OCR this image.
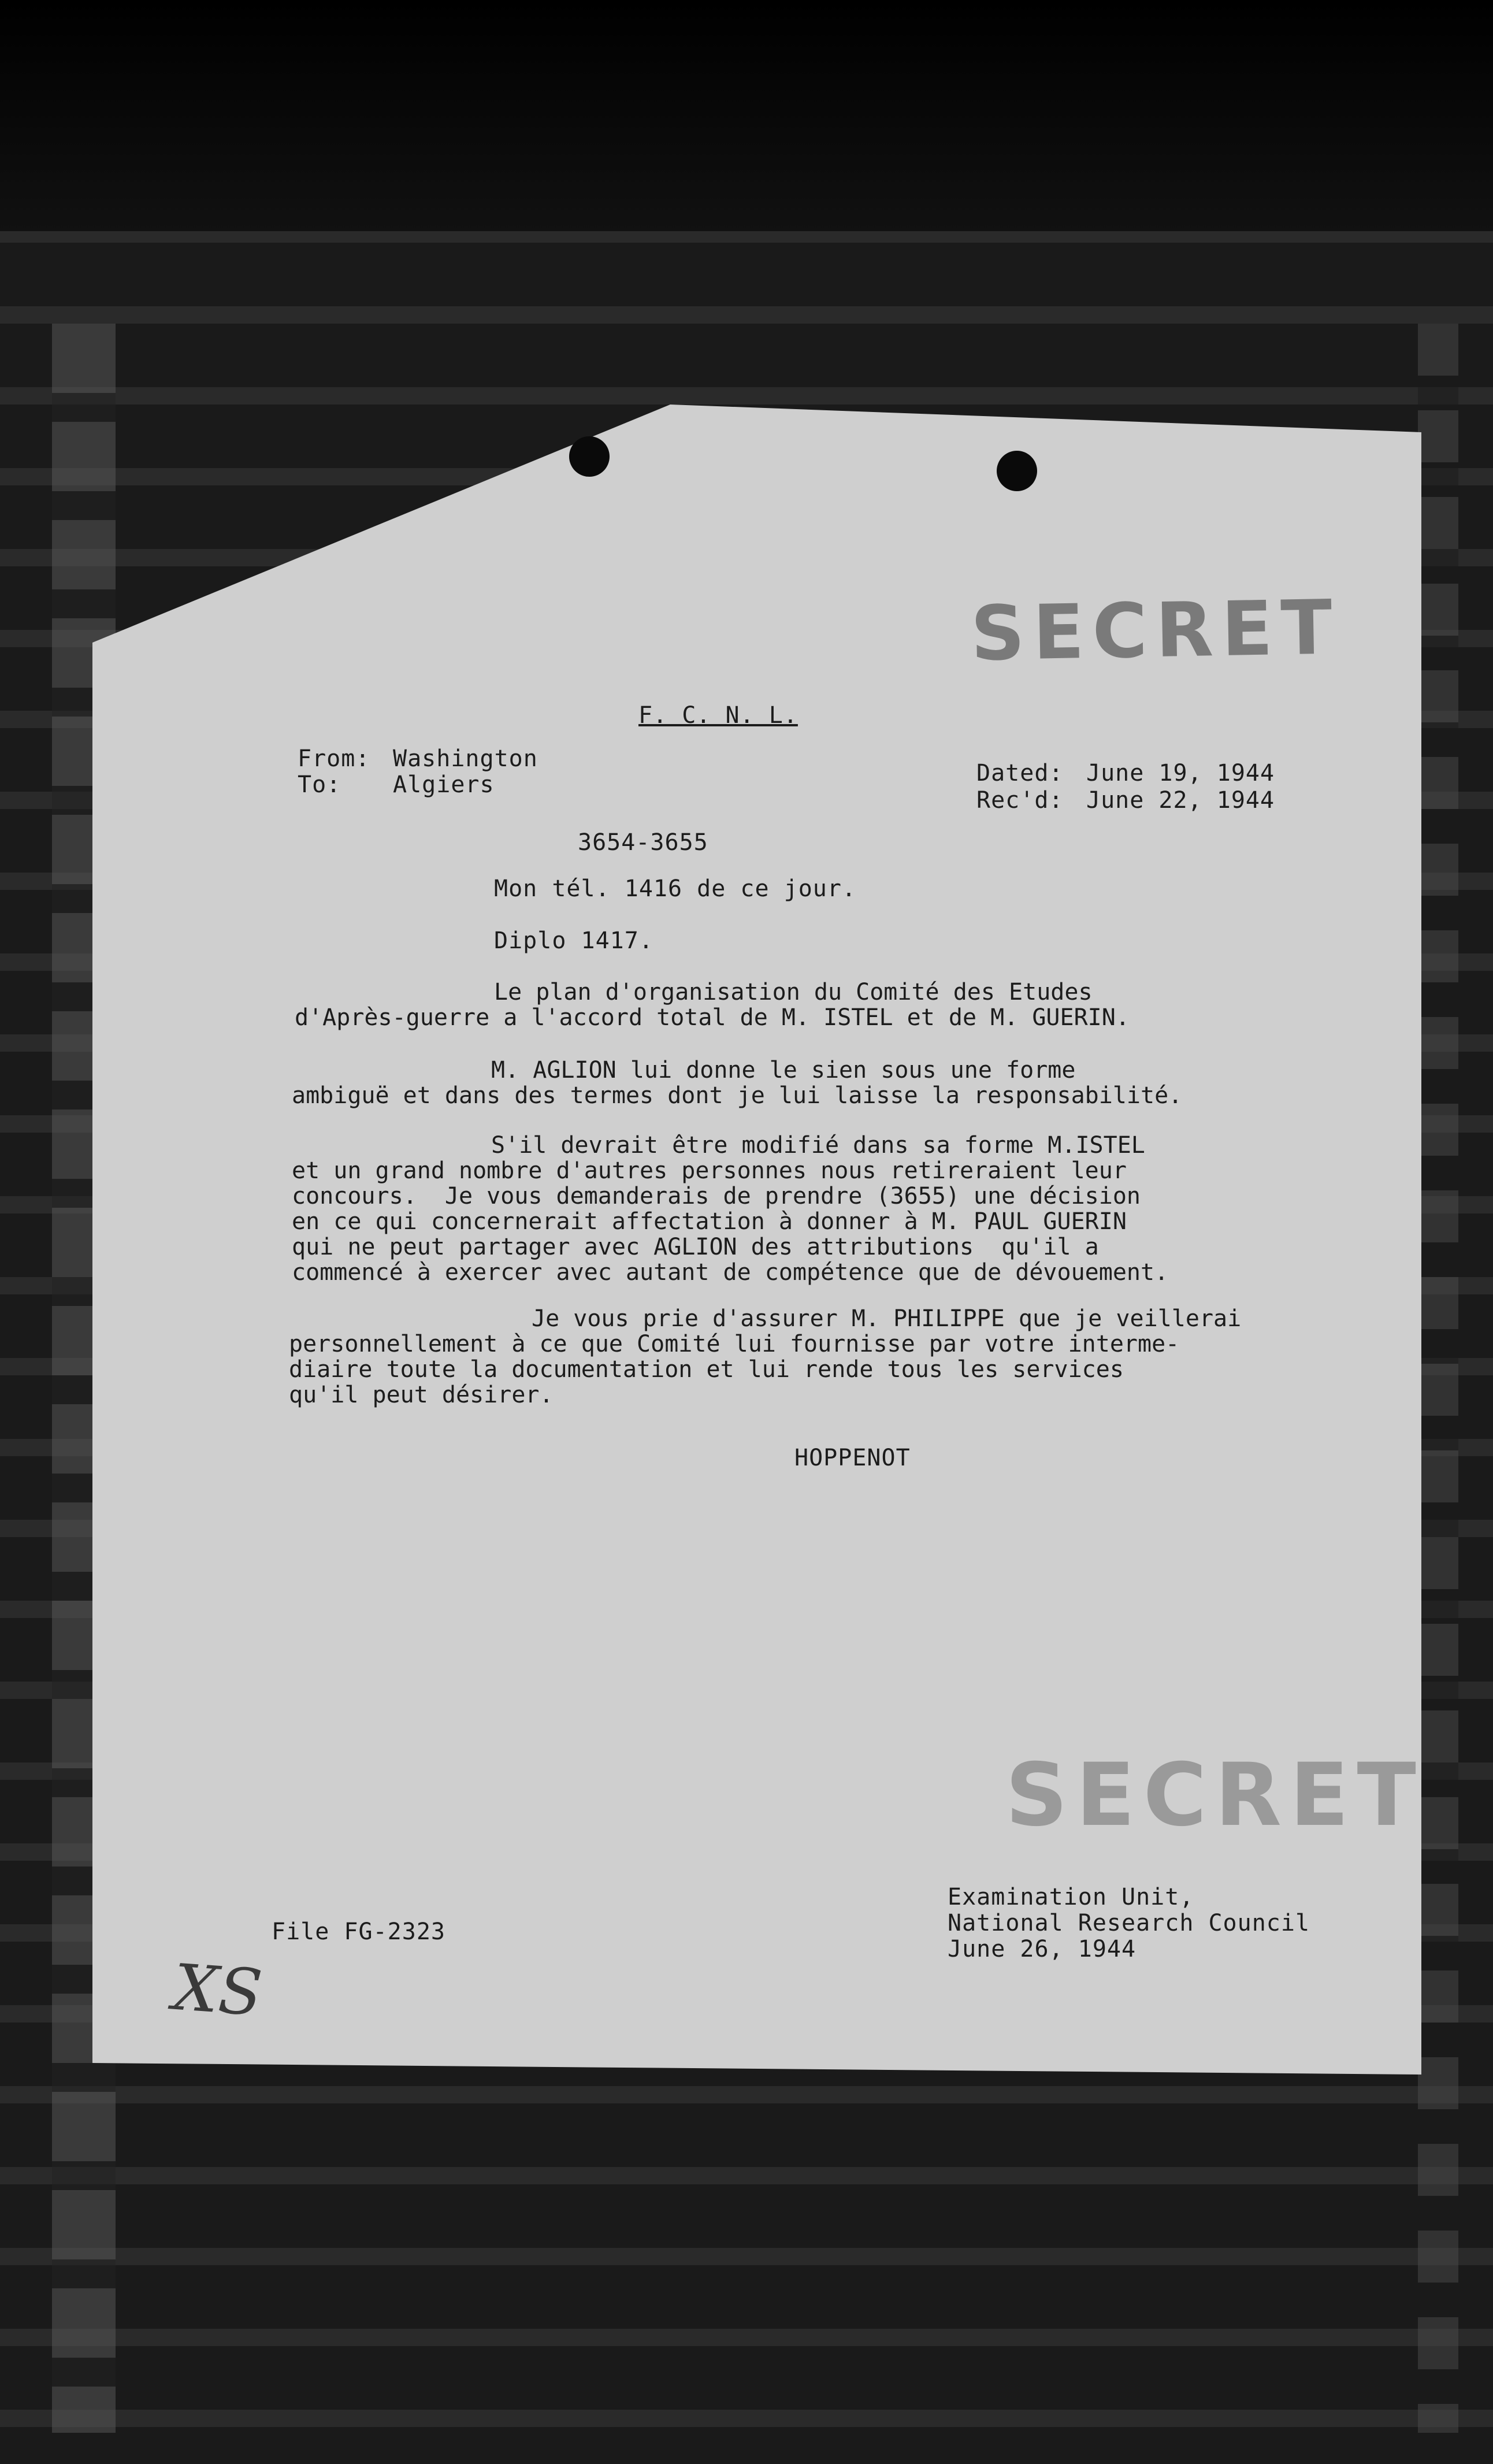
SECRET
F. C. N. L.
From: Washington
To: Algiers	Dated: June 19, 1944
Rec'd: June 22, 1944
3654-3655
Mon tél. 1416 de ce jour.
Diplo 1417.
Le plan d'organisation du Comité des Etudes
d'Après-guerre a l'accord total de M. ISTEL et de M. GUERIN.
M. AGLION lui donne le sien sous une forme
ambiguë et dans des termes dont je lui laisse la responsabilité.
S'il devrait être modifié dans sa forme M.ISTEL
et un grand nombre d'autres personnes nous retireraient leur
concours.  Je vous demanderais de prendre (3655) une décision
en ce qui concernerait affectation à donner à M. PAUL GUERIN
qui ne peut partager avec AGLION des attributions  qu'il a
commencé à exercer avec autant de compétence que de dévouement.
Je vous prie d'assurer M. PHILIPPE que je veillerai
personnellement à ce que Comité lui fournisse par votre interme-
diaire toute la documentation et lui rende tous les services
qu'il peut désirer.
HOPPENOT
SECRET
File FG-2323
Examination Unit,
National Research Council
June 26, 1944
XS
